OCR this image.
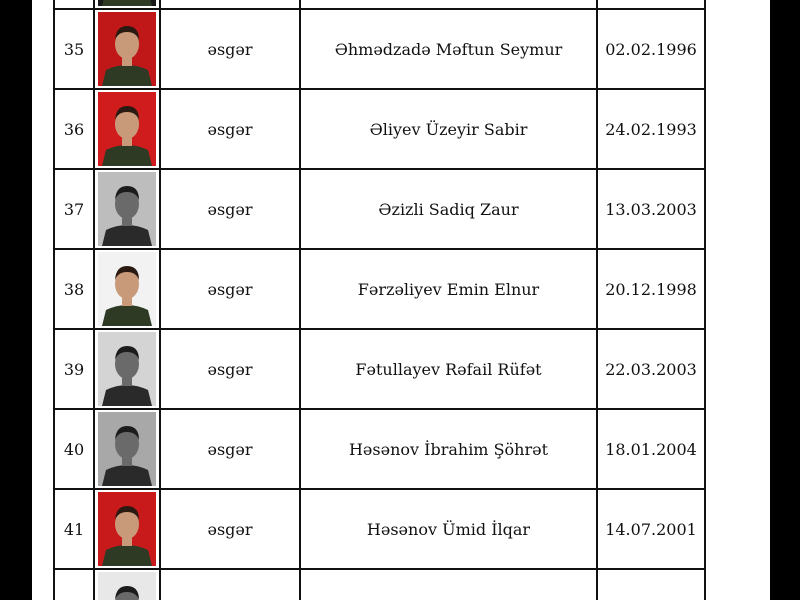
35		əsgər	Əhmədzadə Məftun Seymur	02.02.1996
36		əsgər	Əliyev Üzeyir Sabir	24.02.1993
37		əsgər	Əzizli Sadiq Zaur	13.03.2003
38		əsgər	Fərzəliyev Emin Elnur	20.12.1998
39		əsgər	Fətullayev Rəfail Rüfət	22.03.2003
40		əsgər	Həsənov İbrahim Şöhrət	18.01.2004
41		əsgər	Həsənov Ümid İlqar	14.07.2001
